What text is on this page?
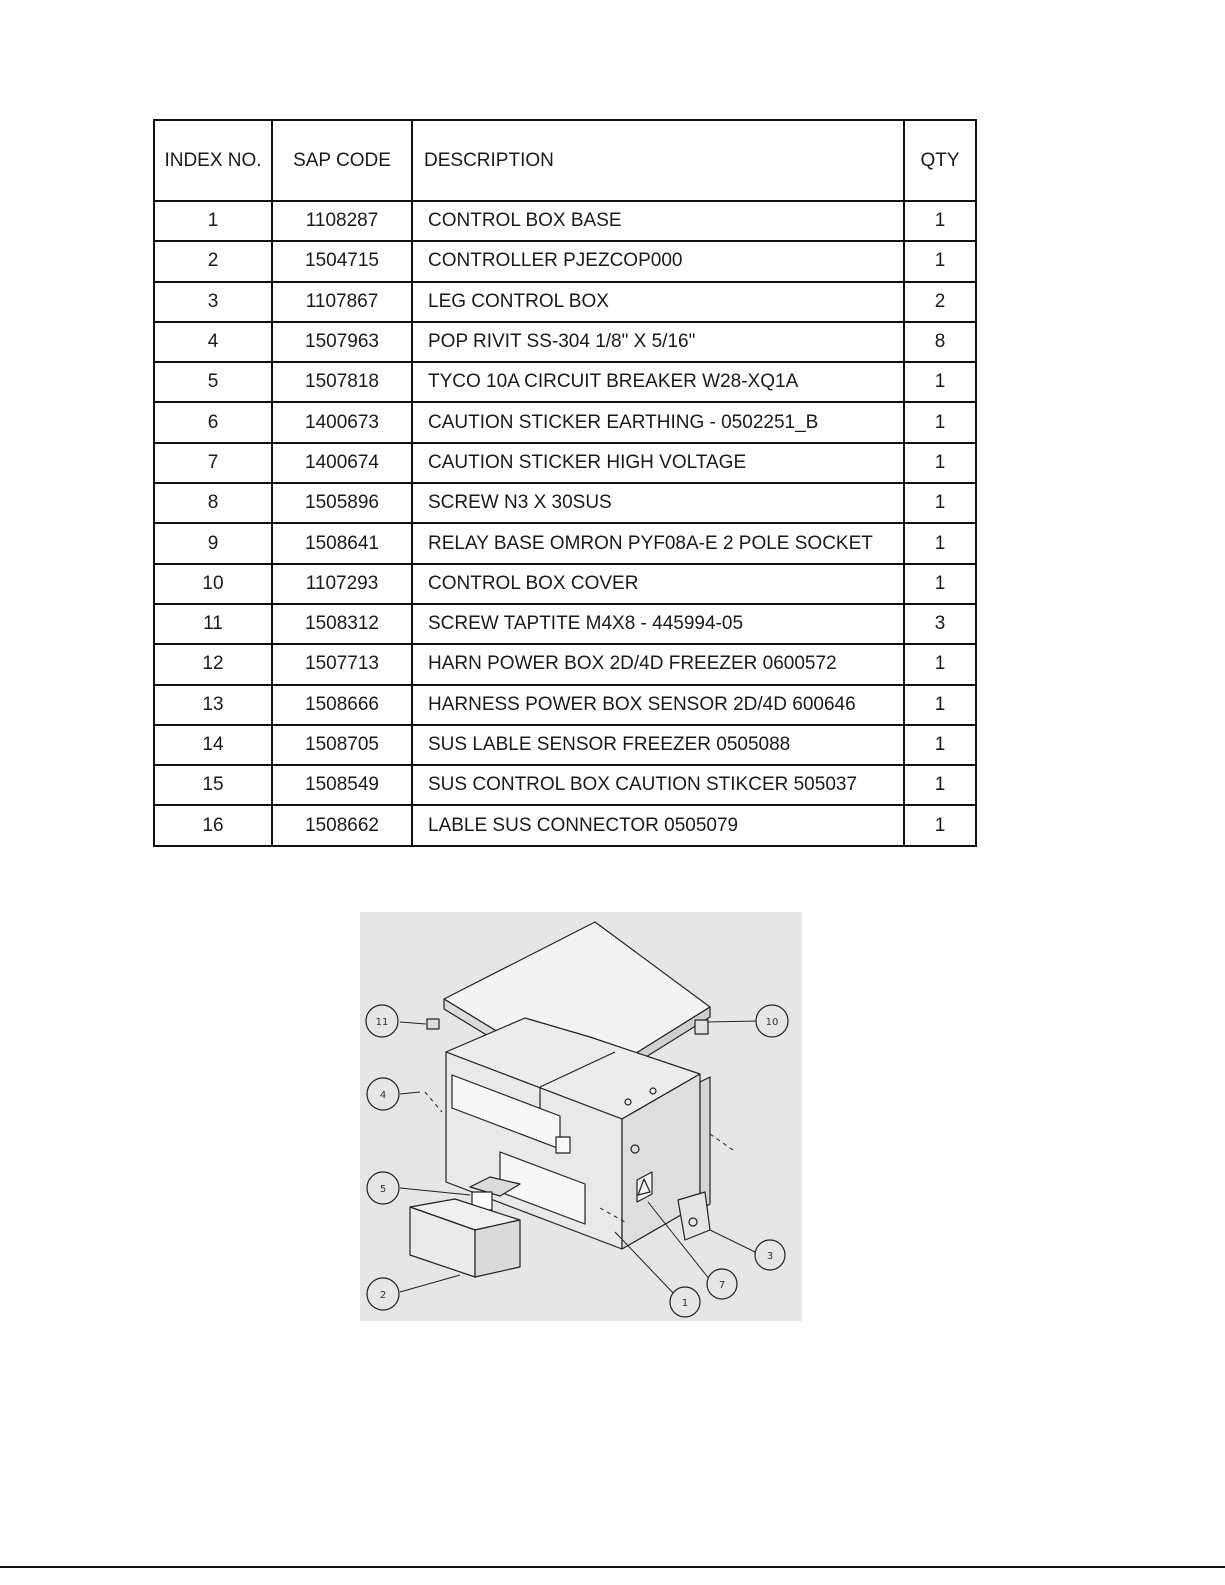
INDEX NO.	SAP CODE	DESCRIPTION	QTY
1	1108287	CONTROL BOX BASE	1
2	1504715	CONTROLLER PJEZCOP000	1
3	1107867	LEG CONTROL BOX	2
4	1507963	POP RIVIT SS-304 1/8" X 5/16"	8
5	1507818	TYCO 10A CIRCUIT BREAKER W28-XQ1A	1
6	1400673	CAUTION STICKER EARTHING - 0502251_B	1
7	1400674	CAUTION STICKER HIGH VOLTAGE	1
8	1505896	SCREW N3 X 30SUS	1
9	1508641	RELAY BASE OMRON PYF08A-E 2 POLE SOCKET	1
10	1107293	CONTROL BOX COVER	1
11	1508312	SCREW TAPTITE M4X8 - 445994-05	3
12	1507713	HARN POWER BOX 2D/4D FREEZER 0600572	1
13	1508666	HARNESS POWER BOX SENSOR 2D/4D 600646	1
14	1508705	SUS LABLE SENSOR FREEZER 0505088	1
15	1508549	SUS CONTROL BOX CAUTION STIKCER 505037	1
16	1508662	LABLE SUS CONNECTOR 0505079	1
11	10
4
5
2
1
7
3
